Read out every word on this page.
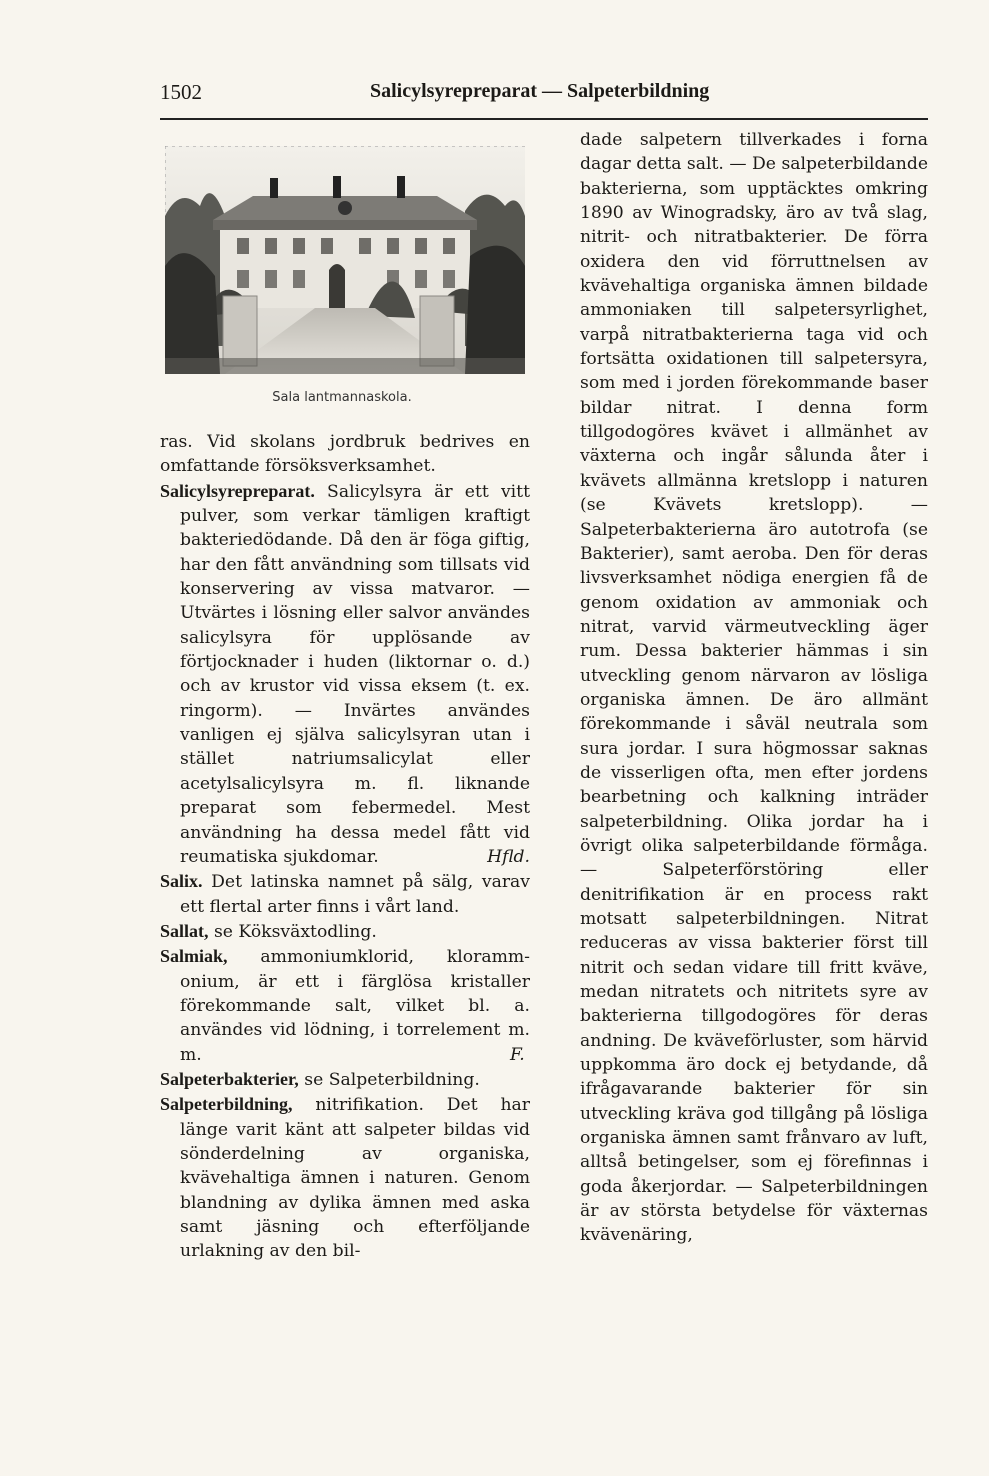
1502	Salicylsyrepreparat — Salpeterbildning
Sala lantmannaskola.

ras. Vid skolans jordbruk bedrives en omfattande försöksverksamhet.

Salicylsyrepreparat. Salicylsyra är ett vitt pulver, som verkar tämligen kraftigt bakteriedödande. Då den är föga giftig, har den fått användning som tillsats vid konservering av vissa matvaror. — Utvärtes i lösning eller salvor användes salicylsyra för upplösande av förtjocknader i huden (liktornar o. d.) och av krustor vid vissa eksem (t. ex. ringorm). — Invärtes användes vanligen ej själva salicylsyran utan i stället natriumsalicylat eller acetylsalicylsyra m. fl. liknande preparat som febermedel. Mest användning ha dessa medel fått vid reumatiska sjukdomar.	Hfld.

Salix. Det latinska namnet på sälg, varav ett flertal arter finns i vårt land.

Sallat, se Köksväxtodling.

Salmiak, ammoniumklorid, kloramm-onium, är ett i färglösa kristaller förekommande salt, vilket bl. a. användes vid lödning, i torrelement m. m.	F.

Salpeterbakterier, se Salpeterbildning.

Salpeterbildning, nitrifikation. Det har länge varit känt att salpeter bildas vid sönderdelning av organiska, kvävehaltiga ämnen i naturen. Genom blandning av dylika ämnen med aska samt jäsning och efterföljande urlakning av den bil-

dade salpetern tillverkades i forna dagar detta salt. — De salpeterbildande bakterierna, som upptäcktes omkring 1890 av Winogradsky, äro av två slag, nitrit- och nitratbakterier. De förra oxidera den vid förruttnelsen av kvävehaltiga organiska ämnen bildade ammoniaken till salpetersyrlighet, varpå nitratbakterierna taga vid och fortsätta oxidationen till salpetersyra, som med i jorden förekommande baser bildar nitrat. I denna form tillgodogöres kvävet i allmänhet av växterna och ingår sålunda åter i kvävets allmänna kretslopp i naturen (se Kvävets kretslopp). — Salpeterbakterierna äro autotrofa (se Bakterier), samt aeroba. Den för deras livsverksamhet nödiga energien få de genom oxidation av ammoniak och nitrat, varvid värmeutveckling äger rum. Dessa bakterier hämmas i sin utveckling genom närvaron av lösliga organiska ämnen. De äro allmänt förekommande i såväl neutrala som sura jordar. I sura högmossar saknas de visserligen ofta, men efter jordens bearbetning och kalkning inträder salpeterbildning. Olika jordar ha i övrigt olika salpeterbildande förmåga. — Salpeterförstöring eller denitrifikation är en process rakt motsatt salpeterbildningen. Nitrat reduceras av vissa bakterier först till nitrit och sedan vidare till fritt kväve, medan nitratets och nitritets syre av bakterierna tillgodogöres för deras andning. De kväveförluster, som härvid uppkomma äro dock ej betydande, då ifrågavarande bakterier för sin utveckling kräva god tillgång på lösliga organiska ämnen samt frånvaro av luft, alltså betingelser, som ej förefinnas i goda åkerjordar. — Salpeterbildningen är av största betydelse för växternas kvävenäring,
